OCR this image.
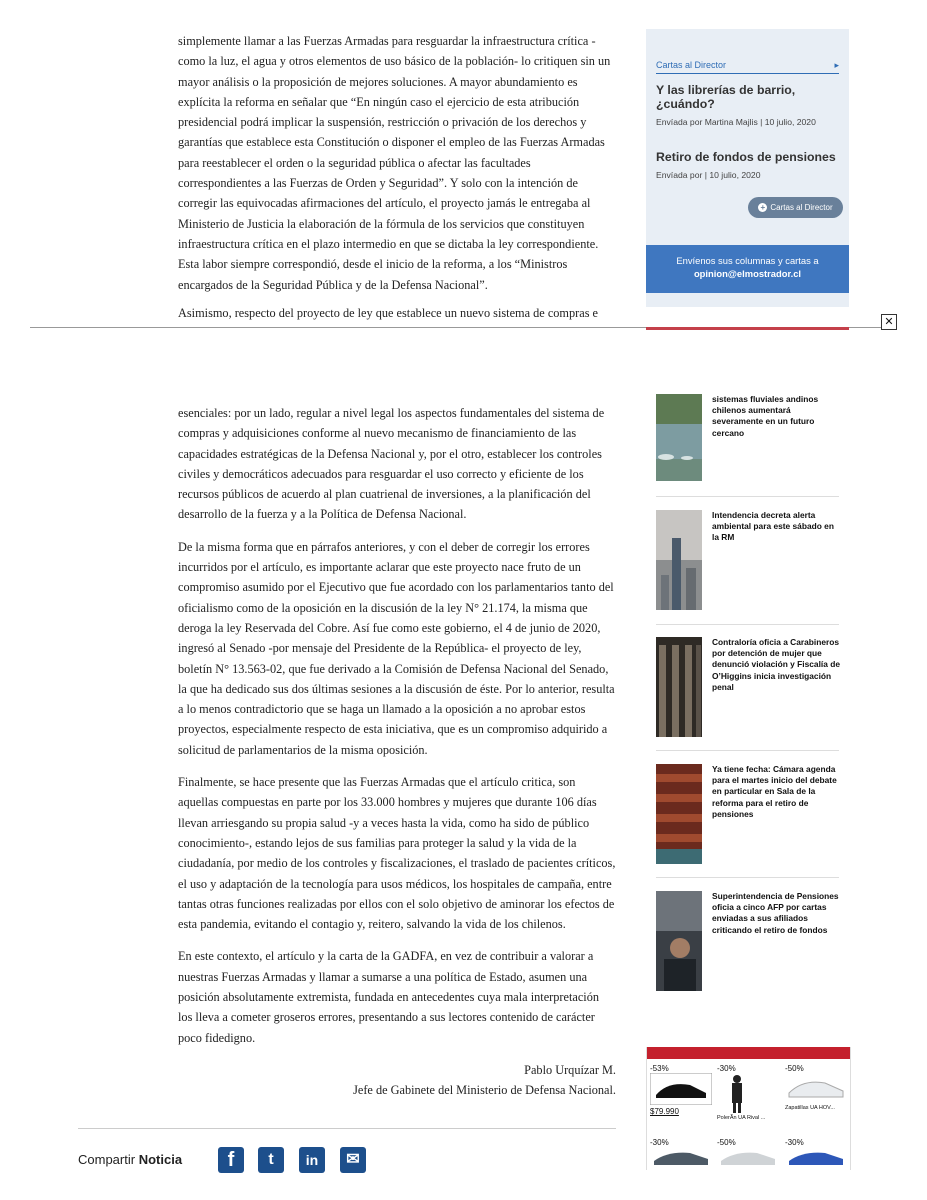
simplemente llamar a las Fuerzas Armadas para resguardar la infraestructura crítica -como la luz, el agua y otros elementos de uso básico de la población- lo critiquen sin un mayor análisis o la proposición de mejores soluciones. A mayor abundamiento es explícita la reforma en señalar que “En ningún caso el ejercicio de esta atribución presidencial podrá implicar la suspensión, restricción o privación de los derechos y garantías que establece esta Constitución o disponer el empleo de las Fuerzas Armadas para reestablecer el orden o la seguridad pública o afectar las facultades correspondientes a las Fuerzas de Orden y Seguridad”. Y solo con la intención de corregir las equivocadas afirmaciones del artículo, el proyecto jamás le entregaba al Ministerio de Justicia la elaboración de la fórmula de los servicios que constituyen infraestructura crítica en el plazo intermedio en que se dictaba la ley correspondiente. Esta labor siempre correspondió, desde el inicio de la reforma, a los “Ministros encargados de la Seguridad Pública y de la Defensa Nacional”.

Asimismo, respecto del proyecto de ley que establece un nuevo sistema de compras e

Cartas al Director	▸
Y las librerías de barrio, ¿cuándo?
Envíada por Martina Majlis | 10 julio, 2020
Retiro de fondos de pensiones
Envíada por | 10 julio, 2020
+ Cartas al Director
Envíenos sus columnas y cartas a
opinion@elmostrador.cl
✕

esenciales: por un lado, regular a nivel legal los aspectos fundamentales del sistema de compras y adquisiciones conforme al nuevo mecanismo de financiamiento de las capacidades estratégicas de la Defensa Nacional y, por el otro, establecer los controles civiles y democráticos adecuados para resguardar el uso correcto y eficiente de los recursos públicos de acuerdo al plan cuatrienal de inversiones, a la planificación del desarrollo de la fuerza y a la Política de Defensa Nacional.

De la misma forma que en párrafos anteriores, y con el deber de corregir los errores incurridos por el artículo, es importante aclarar que este proyecto nace fruto de un compromiso asumido por el Ejecutivo que fue acordado con los parlamentarios tanto del oficialismo como de la oposición en la discusión de la ley N° 21.174, la misma que deroga la ley Reservada del Cobre. Así fue como este gobierno, el 4 de junio de 2020, ingresó al Senado -por mensaje del Presidente de la República- el proyecto de ley, boletín N° 13.563-02, que fue derivado a la Comisión de Defensa Nacional del Senado, la que ha dedicado sus dos últimas sesiones a la discusión de éste. Por lo anterior, resulta a lo menos contradictorio que se haga un llamado a la oposición a no aprobar estos proyectos, especialmente respecto de esta iniciativa, que es un compromiso adquirido a solicitud de parlamentarios de la misma oposición.

Finalmente, se hace presente que las Fuerzas Armadas que el artículo critica, son aquellas compuestas en parte por los 33.000 hombres y mujeres que durante 106 días llevan arriesgando su propia salud -y a veces hasta la vida, como ha sido de público conocimiento-, estando lejos de sus familias para proteger la salud y la vida de la ciudadanía, por medio de los controles y fiscalizaciones, el traslado de pacientes críticos, el uso y adaptación de la tecnología para usos médicos, los hospitales de campaña, entre tantas otras funciones realizadas por ellos con el solo objetivo de aminorar los efectos de esta pandemia, evitando el contagio y, reitero, salvando la vida de los chilenos.

En este contexto, el artículo y la carta de la GADFA, en vez de contribuir a valorar a nuestras Fuerzas Armadas y llamar a sumarse a una política de Estado, asumen una posición absolutamente extremista, fundada en antecedentes cuya mala interpretación los lleva a cometer groseros errores, presentando a sus lectores contenido de carácter poco fidedigno.

Pablo Urquízar M.

Jefe de Gabinete del Ministerio de Defensa Nacional.

sistemas fluviales andinos chilenos aumentará severamente en un futuro cercano
Intendencia decreta alerta ambiental para este sábado en la RM
Contraloría oficia a Carabineros por detención de mujer que denunció violación y Fiscalía de O’Higgins inicia investigación penal
Ya tiene fecha: Cámara agenda para el martes inicio del debate en particular en Sala de la reforma para el retiro de pensiones
Superintendencia de Pensiones oficia a cinco AFP por cartas enviadas a sus afiliados criticando el retiro de fondos
-53%
$79.990
-30%
PolerÃn UA Rival ...
-50%
Zapatillas UA HOV...
-30%	-50%	-30%
Compartir Noticia	f	t	in	✉
